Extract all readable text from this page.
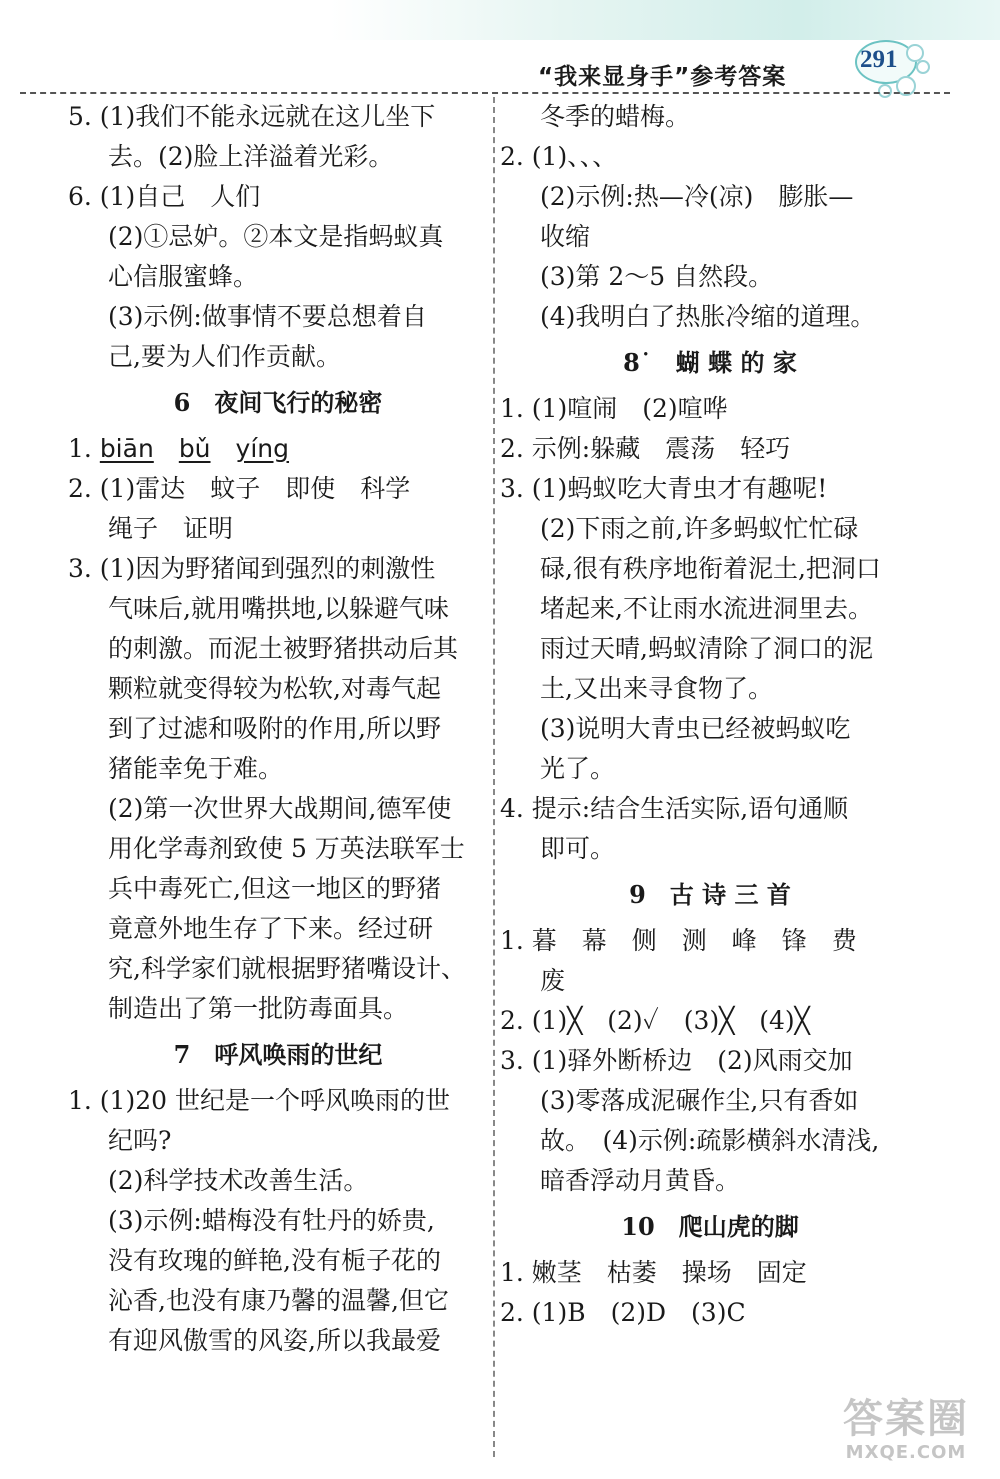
“我来显身手”参考答案
291

5. (1)我们不能永远就在这儿坐下

去。(2)脸上洋溢着光彩。

6. (1)自己　人们

(2)①忌妒。②本文是指蚂蚁真

心信服蜜蜂。

(3)示例:做事情不要总想着自

己,要为人们作贡献。

6　夜间飞行的秘密

1. biān　 bǔ　 yíng

2. (1)雷达　蚊子　即使　科学

绳子　证明

3. (1)因为野猪闻到强烈的刺激性

气味后,就用嘴拱地,以躲避气味

的刺激。而泥土被野猪拱动后其

颗粒就变得较为松软,对毒气起

到了过滤和吸附的作用,所以野

猪能幸免于难。

(2)第一次世界大战期间,德军使

用化学毒剂致使 5 万英法联军士

兵中毒死亡,但这一地区的野猪

竟意外地生存了下来。经过研

究,科学家们就根据野猪嘴设计、

制造出了第一批防毒面具。

7　呼风唤雨的世纪

1. (1)20 世纪是一个呼风唤雨的世

纪吗?

(2)科学技术改善生活。

(3)示例:蜡梅没有牡丹的娇贵,

没有玫瑰的鲜艳,没有栀子花的

沁香,也没有康乃馨的温馨,但它

有迎风傲雪的风姿,所以我最爱

冬季的蜡梅。

2. (1)、、、

(2)示例:热—冷(凉)　膨胀—

收缩

(3)第 2～5 自然段。

(4)我明白了热胀冷缩的道理。

8˙　蝴 蝶 的 家

1. (1)喧闹　(2)喧哗

2. 示例:躲藏　震荡　轻巧

3. (1)蚂蚁吃大青虫才有趣呢!

(2)下雨之前,许多蚂蚁忙忙碌

碌,很有秩序地衔着泥土,把洞口

堵起来,不让雨水流进洞里去。

雨过天晴,蚂蚁清除了洞口的泥

土,又出来寻食物了。

(3)说明大青虫已经被蚂蚁吃

光了。

4. 提示:结合生活实际,语句通顺

即可。

9　古 诗 三 首

1. 暮　幕　侧　测　峰　锋　费

废

2. (1)╳　(2)✓　(3)╳　(4)╳

3. (1)驿外断桥边　(2)风雨交加

(3)零落成泥碾作尘,只有香如

故。　(4)示例:疏影横斜水清浅,

暗香浮动月黄昏。

10　爬山虎的脚

1. 嫩茎　枯萎　操场　固定

2. (1)B　(2)D　(3)C

答案圈
MXQE.COM
